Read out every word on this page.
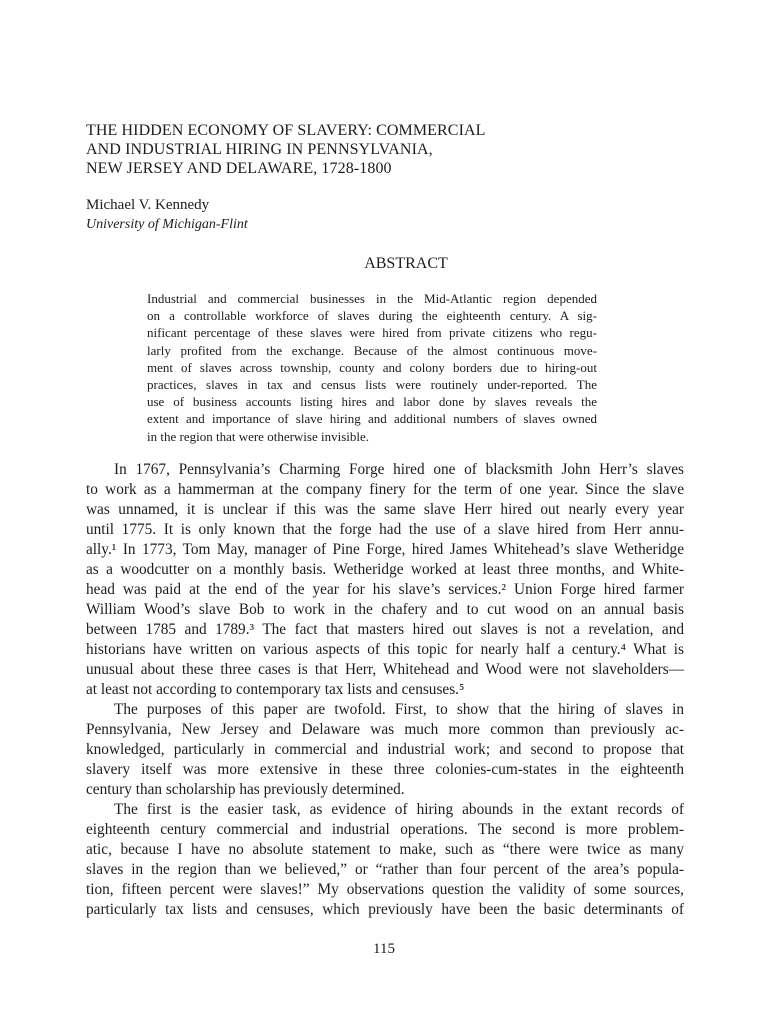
THE HIDDEN ECONOMY OF SLAVERY: COMMERCIAL
AND INDUSTRIAL HIRING IN PENNSYLVANIA,
NEW JERSEY AND DELAWARE, 1728-1800
Michael V. Kennedy
University of Michigan-Flint
ABSTRACT
Industrial and commercial businesses in the Mid-Atlantic region depended
on a controllable workforce of slaves during the eighteenth century. A sig-
nificant percentage of these slaves were hired from private citizens who regu-
larly profited from the exchange. Because of the almost continuous move-
ment of slaves across township, county and colony borders due to hiring-out
practices, slaves in tax and census lists were routinely under-reported. The
use of business accounts listing hires and labor done by slaves reveals the
extent and importance of slave hiring and additional numbers of slaves owned
in the region that were otherwise invisible.
In 1767, Pennsylvania’s Charming Forge hired one of blacksmith John Herr’s slaves
to work as a hammerman at the company finery for the term of one year. Since the slave
was unnamed, it is unclear if this was the same slave Herr hired out nearly every year
until 1775. It is only known that the forge had the use of a slave hired from Herr annu-
ally.¹ In 1773, Tom May, manager of Pine Forge, hired James Whitehead’s slave Wetheridge
as a woodcutter on a monthly basis. Wetheridge worked at least three months, and White-
head was paid at the end of the year for his slave’s services.² Union Forge hired farmer
William Wood’s slave Bob to work in the chafery and to cut wood on an annual basis
between 1785 and 1789.³ The fact that masters hired out slaves is not a revelation, and
historians have written on various aspects of this topic for nearly half a century.⁴ What is
unusual about these three cases is that Herr, Whitehead and Wood were not slaveholders—
at least not according to contemporary tax lists and censuses.⁵
The purposes of this paper are twofold. First, to show that the hiring of slaves in
Pennsylvania, New Jersey and Delaware was much more common than previously ac-
knowledged, particularly in commercial and industrial work; and second to propose that
slavery itself was more extensive in these three colonies-cum-states in the eighteenth
century than scholarship has previously determined.
The first is the easier task, as evidence of hiring abounds in the extant records of
eighteenth century commercial and industrial operations. The second is more problem-
atic, because I have no absolute statement to make, such as “there were twice as many
slaves in the region than we believed,” or “rather than four percent of the area’s popula-
tion, fifteen percent were slaves!” My observations question the validity of some sources,
particularly tax lists and censuses, which previously have been the basic determinants of
115
